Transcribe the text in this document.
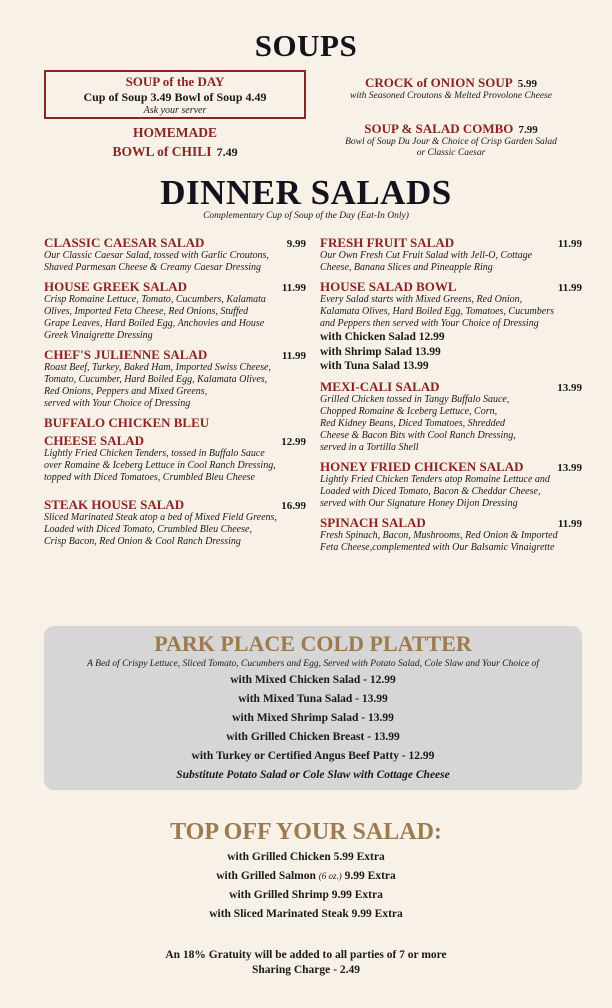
SOUPS
SOUP of the DAY
Cup of Soup 3.49 Bowl of Soup 4.49
Ask your server
HOMEMADE
BOWL of CHILI 7.49
CROCK of ONION SOUP 5.99
with Seasoned Croutons & Melted Provolone Cheese
SOUP & SALAD COMBO 7.99
Bowl of Soup Du Jour & Choice of Crisp Garden Salad
or Classic Caesar
DINNER SALADS
Complementary Cup of Soup of the Day (Eat-In Only)
CLASSIC CAESAR SALAD	9.99
Our Classic Caesar Salad, tossed with Garlic Croutons,
Shaved Parmesan Cheese & Creamy Caesar Dressing
HOUSE GREEK SALAD	11.99
Crisp Romaine Lettuce, Tomato, Cucumbers, Kalamata
Olives, Imported Feta Cheese, Red Onions, Stuffed
Grape Leaves, Hard Boiled Egg, Anchovies and House
Greek Vinaigrette Dressing
CHEF'S JULIENNE SALAD	11.99
Roast Beef, Turkey, Baked Ham, Imported Swiss Cheese,
Tomato, Cucumber, Hard Boiled Egg, Kalamata Olives,
Red Onions, Peppers and Mixed Greens,
served with Your Choice of Dressing
BUFFALO CHICKEN BLEU
CHEESE SALAD	12.99
Lightly Fried Chicken Tenders, tossed in Buffalo Sauce
over Romaine & Iceberg Lettuce in Cool Ranch Dressing,
topped with Diced Tomatoes, Crumbled Bleu Cheese
STEAK HOUSE SALAD	16.99
Sliced Marinated Steak atop a bed of Mixed Field Greens,
Loaded with Diced Tomato, Crumbled Bleu Cheese,
Crisp Bacon, Red Onion & Cool Ranch Dressing
FRESH FRUIT SALAD	11.99
Our Own Fresh Cut Fruit Salad with Jell-O, Cottage
Cheese, Banana Slices and Pineapple Ring
HOUSE SALAD BOWL	11.99
Every Salad starts with Mixed Greens, Red Onion,
Kalamata Olives, Hard Boiled Egg, Tomatoes, Cucumbers
and Peppers then served with Your Choice of Dressing
with Chicken Salad 12.99
with Shrimp Salad 13.99
with Tuna Salad 13.99
MEXI-CALI SALAD	13.99
Grilled Chicken tossed in Tangy Buffalo Sauce,
Chopped Romaine & Iceberg Lettuce, Corn,
Red Kidney Beans, Diced Tomatoes, Shredded
Cheese & Bacon Bits with Cool Ranch Dressing,
served in a Tortilla Shell
HONEY FRIED CHICKEN SALAD	13.99
Lightly Fried Chicken Tenders atop Romaine Lettuce and
Loaded with Diced Tomato, Bacon & Cheddar Cheese,
served with Our Signature Honey Dijon Dressing
SPINACH SALAD	11.99
Fresh Spinach, Bacon, Mushrooms, Red Onion & Imported
Feta Cheese,complemented with Our Balsamic Vinaigrette
PARK PLACE COLD PLATTER
A Bed of Crispy Lettuce, Sliced Tomato, Cucumbers and Egg, Served with Potato Salad, Cole Slaw and Your Choice of
with Mixed Chicken Salad - 12.99
with Mixed Tuna Salad - 13.99
with Mixed Shrimp Salad - 13.99
with Grilled Chicken Breast - 13.99
with Turkey or Certified Angus Beef Patty - 12.99
Substitute Potato Salad or Cole Slaw with Cottage Cheese
TOP OFF YOUR SALAD:
with Grilled Chicken 5.99 Extra
with Grilled Salmon (6 oz.) 9.99 Extra
with Grilled Shrimp 9.99 Extra
with Sliced Marinated Steak 9.99 Extra
An 18% Gratuity will be added to all parties of 7 or more
Sharing Charge - 2.49
